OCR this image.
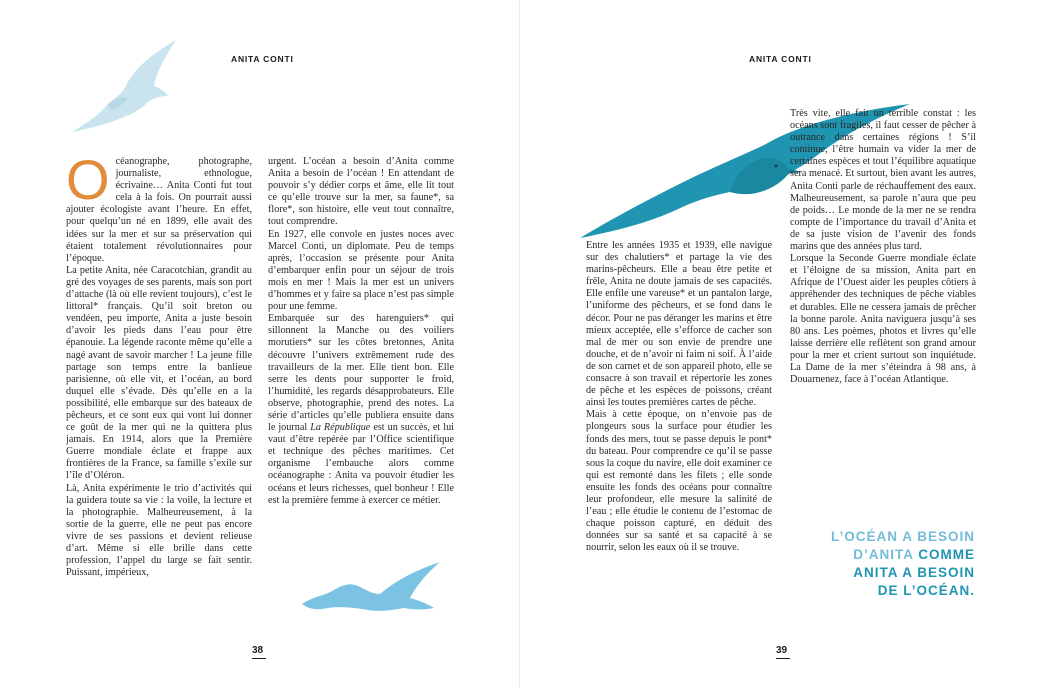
ANITA CONTI

Océanographe, photographe, journaliste, ethnologue, écrivaine… Anita Conti fut tout cela à la fois. On pourrait aussi ajouter écologiste avant l’heure. En effet, pour quelqu’un né en 1899, elle avait des idées sur la mer et sur sa préservation qui étaient totalement révolutionnaires pour l’époque.

La petite Anita, née Caracotchian, grandit au gré des voyages de ses parents, mais son port d’attache (là où elle revient toujours), c’est le littoral* français. Qu’il soit breton ou vendéen, peu importe, Anita a juste besoin d’avoir les pieds dans l’eau pour être épanouie. La légende raconte même qu’elle a nagé avant de savoir marcher ! La jeune fille partage son temps entre la banlieue parisienne, où elle vit, et l’océan, au bord duquel elle s’évade. Dès qu’elle en a la possibilité, elle embarque sur des bateaux de pêcheurs, et ce sont eux qui vont lui donner ce goût de la mer qui ne la quittera plus jamais. En 1914, alors que la Première Guerre mondiale éclate et frappe aux frontières de la France, sa famille s’exile sur l’île d’Oléron.

Là, Anita expérimente le trio d’activités qui la guidera toute sa vie : la voile, la lecture et la photographie. Malheureusement, à la sortie de la guerre, elle ne peut pas encore vivre de ses passions et devient relieuse d’art. Même si elle brille dans cette profession, l’appel du large se fait sentir. Puissant, impérieux,

urgent. L’océan a besoin d’Anita comme Anita a besoin de l’océan ! En attendant de pouvoir s’y dédier corps et âme, elle lit tout ce qu’elle trouve sur la mer, sa faune*, sa flore*, son histoire, elle veut tout connaître, tout comprendre.

En 1927, elle convole en justes noces avec Marcel Conti, un diplomate. Peu de temps après, l’occasion se présente pour Anita d’embarquer enfin pour un séjour de trois mois en mer ! Mais la mer est un univers d’hommes et y faire sa place n’est pas simple pour une femme.

Embarquée sur des harenguiers* qui sillonnent la Manche ou des voiliers morutiers* sur les côtes bretonnes, Anita découvre l’univers extrêmement rude des travailleurs de la mer. Elle tient bon. Elle serre les dents pour supporter le froid, l’humidité, les regards désapprobateurs. Elle observe, photographie, prend des notes. La série d’articles qu’elle publiera ensuite dans le journal La République est un succès, et lui vaut d’être repérée par l’Office scientifique et technique des pêches maritimes. Cet organisme l’embauche alors comme océanographe : Anita va pouvoir étudier les océans et leurs richesses, quel bonheur ! Elle est la première femme à exercer ce métier.

38
ANITA CONTI

Entre les années 1935 et 1939, elle navigue sur des chalutiers* et partage la vie des marins-pêcheurs. Elle a beau être petite et frêle, Anita ne doute jamais de ses capacités. Elle enfile une vareuse* et un pantalon large, l’uniforme des pêcheurs, et se fond dans le décor. Pour ne pas déranger les marins et être mieux acceptée, elle s’efforce de cacher son mal de mer ou son envie de prendre une douche, et de n’avoir ni faim ni soif. À l’aide de son carnet et de son appareil photo, elle se consacre à son travail et répertorie les zones de pêche et les espèces de poissons, créant ainsi les toutes premières cartes de pêche.

Mais à cette époque, on n’envoie pas de plongeurs sous la surface pour étudier les fonds des mers, tout se passe depuis le pont* du bateau. Pour comprendre ce qu’il se passe sous la coque du navire, elle doit examiner ce qui est remonté dans les filets ; elle sonde ensuite les fonds des océans pour connaître leur profondeur, elle mesure la salinité de l’eau ; elle étudie le contenu de l’estomac de chaque poisson capturé, en déduit des données sur sa santé et sa capacité à se nourrir, selon les eaux où il se trouve.

Très vite, elle fait un terrible constat : les océans sont fragiles, il faut cesser de pêcher à outrance dans certaines régions ! S’il continue, l’être humain va vider la mer de certaines espèces et tout l’équilibre aquatique sera menacé. Et surtout, bien avant les autres, Anita Conti parle de réchauffement des eaux. Malheureusement, sa parole n’aura que peu de poids… Le monde de la mer ne se rendra compte de l’importance du travail d’Anita et de sa juste vision de l’avenir des fonds marins que des années plus tard.

Lorsque la Seconde Guerre mondiale éclate et l’éloigne de sa mission, Anita part en Afrique de l’Ouest aider les peuples côtiers à appréhender des techniques de pêche viables et durables. Elle ne cessera jamais de prêcher la bonne parole. Anita naviguera jusqu’à ses 80 ans. Les poèmes, photos et livres qu’elle laisse derrière elle reflètent son grand amour pour la mer et crient surtout son inquiétude. La Dame de la mer s’éteindra à 98 ans, à Douarnenez, face à l’océan Atlantique.

L’OCÉAN A BESOIN
D’ANITA COMME
ANITA A BESOIN
DE L’OCÉAN.
39
